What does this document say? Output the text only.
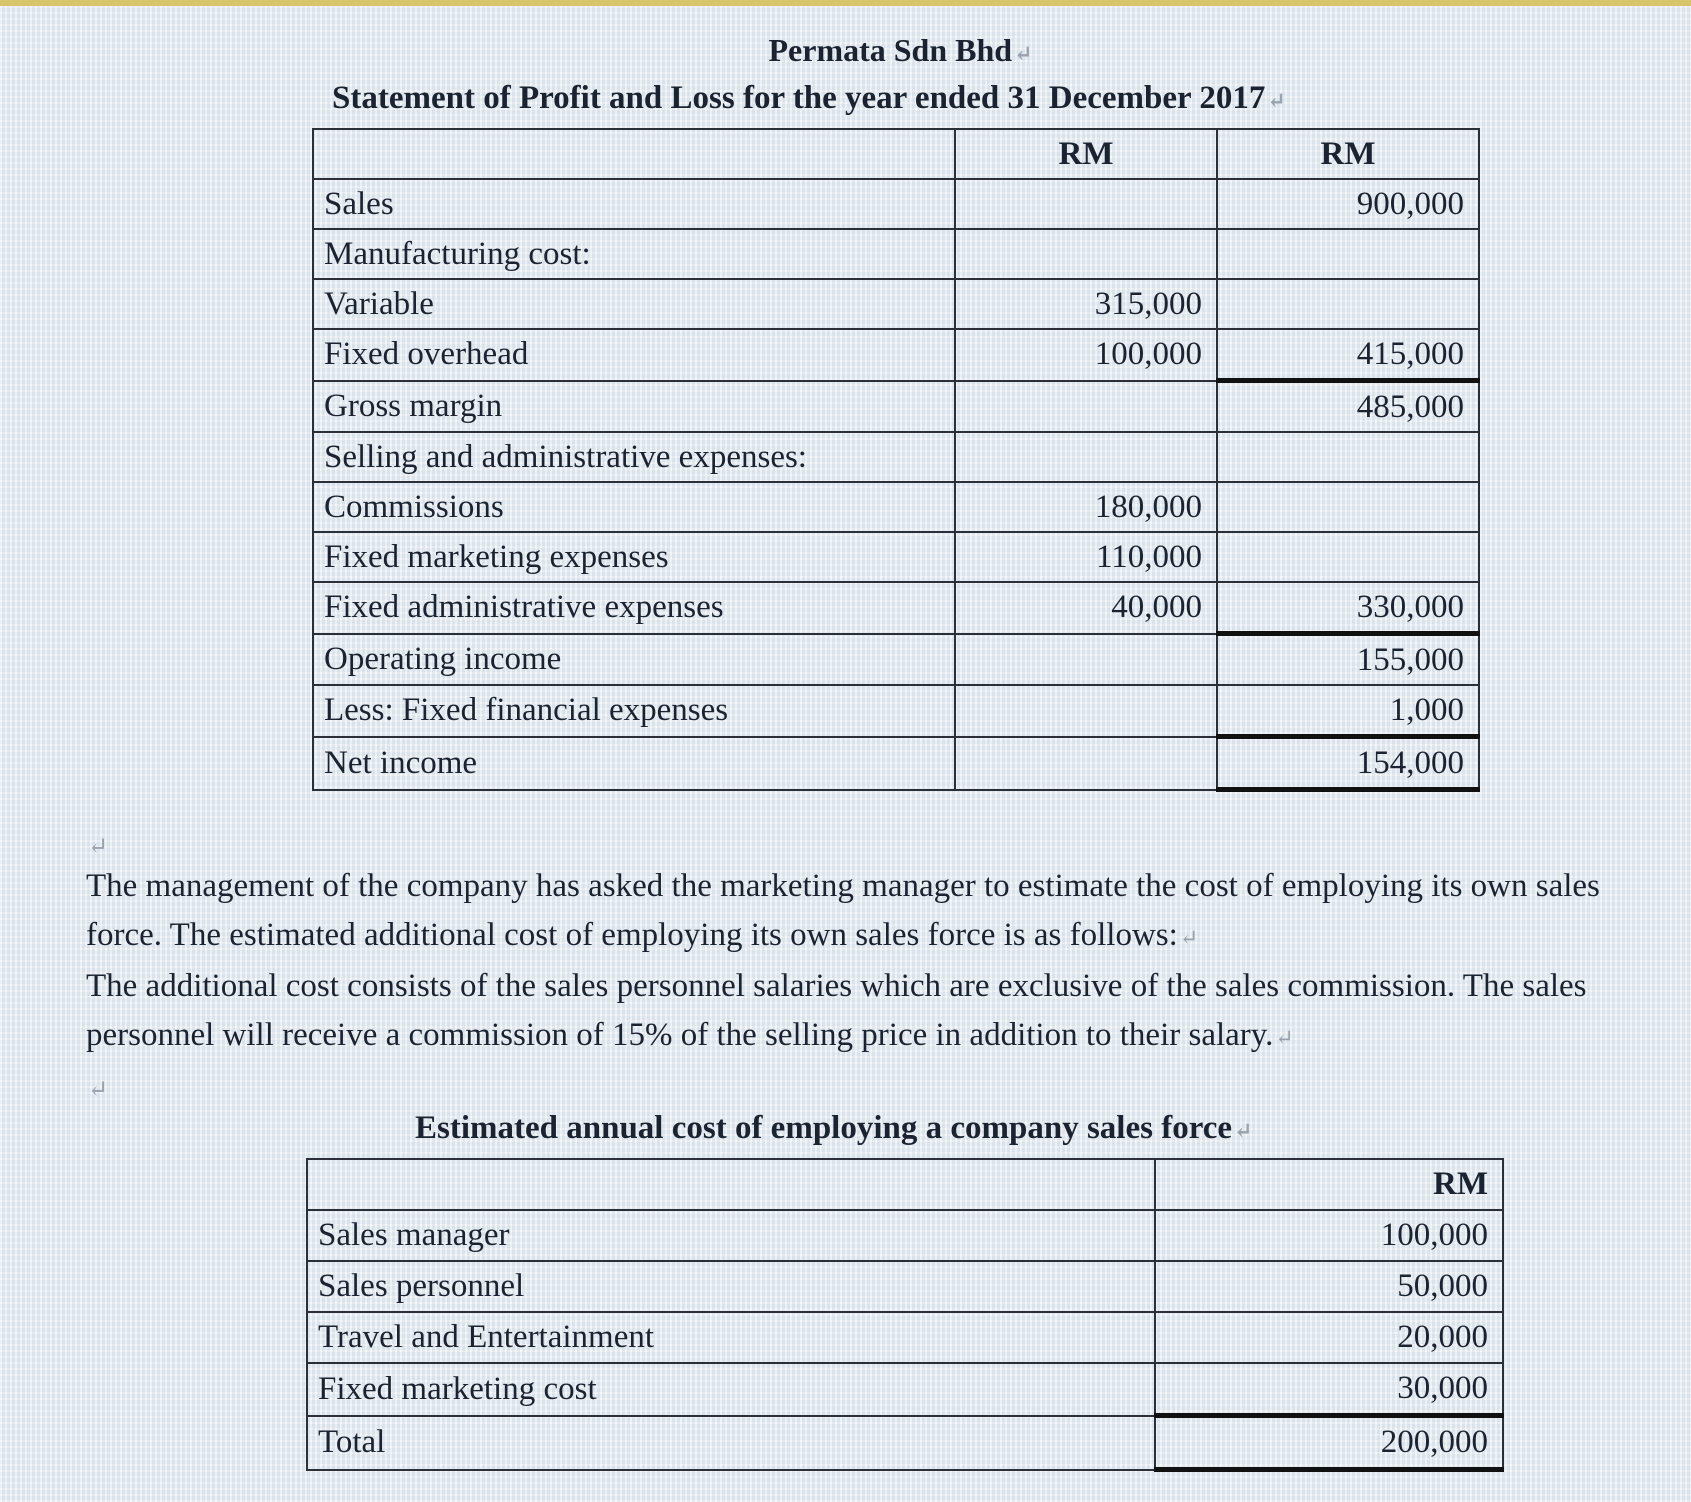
Permata Sdn Bhd↵
Statement of Profit and Loss for the year ended 31 December 2017↵
	RM	RM
Sales		900,000
Manufacturing cost:		
Variable	315,000	
Fixed overhead	100,000	415,000
Gross margin		485,000
Selling and administrative expenses:		
Commissions	180,000	
Fixed marketing expenses	110,000	
Fixed administrative expenses	40,000	330,000
Operating income		155,000
Less: Fixed financial expenses		1,000
Net income		154,000
↵

The management of the company has asked the marketing manager to estimate the cost of employing its own sales force. The estimated additional cost of employing its own sales force is as follows:↵

The additional cost consists of the sales personnel salaries which are exclusive of the sales commission. The sales personnel will receive a commission of 15% of the selling price in addition to their salary.↵

↵
Estimated annual cost of employing a company sales force↵
	RM
Sales manager	100,000
Sales personnel	50,000
Travel and Entertainment	20,000
Fixed marketing cost	30,000
Total	200,000
